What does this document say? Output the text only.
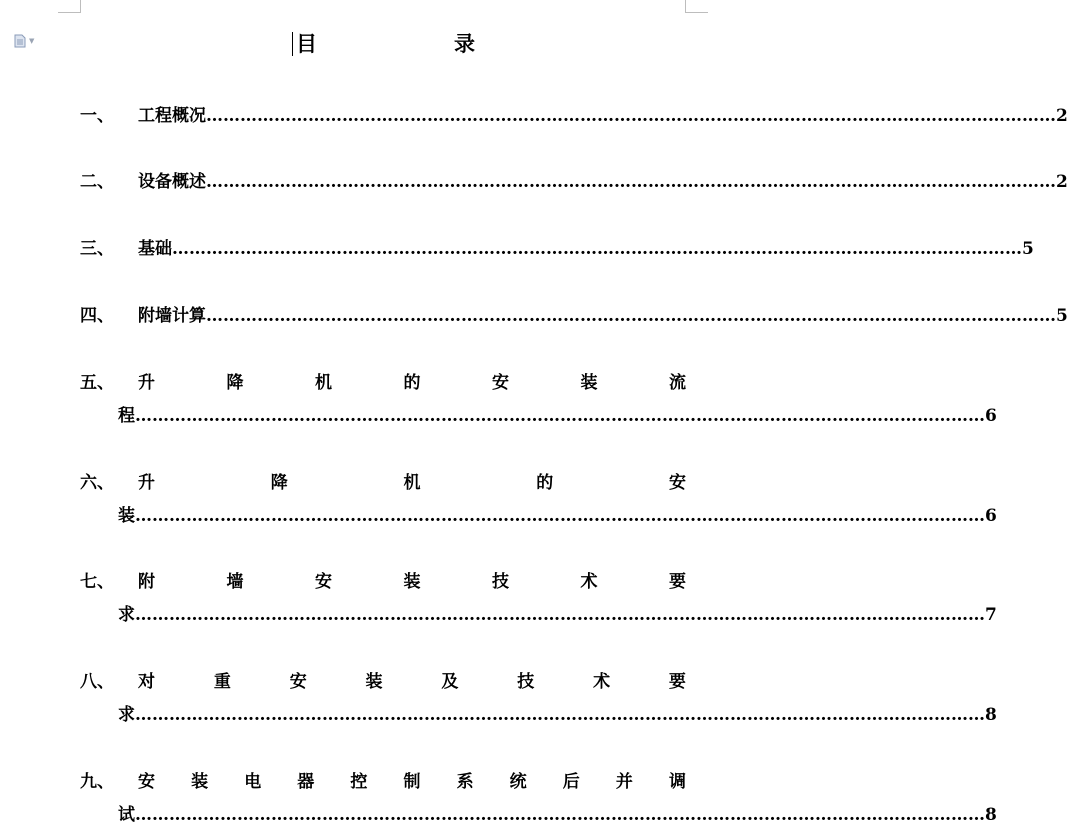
▼	目	录
一、 工程概况 …………………………………………………………………………………………………………………………………… 2
二、 设备概述 …………………………………………………………………………………………………………………………………… 2
三、 基础 …………………………………………………………………………………………………………………………………… 5
四、 附墙计算 …………………………………………………………………………………………………………………………………… 5
五、 升	降	机	的	安	装	流
程 …………………………………………………………………………………………………………………………………… 6
六、 升	降	机	的	安
装 …………………………………………………………………………………………………………………………………… 6
七、 附	墙	安	装	技	术	要
求 …………………………………………………………………………………………………………………………………… 7
八、 对	重	安	装	及	技	术	要
求 …………………………………………………………………………………………………………………………………… 8
九、 安 装 电 器 控 制 系 统 后 并 调
试 …………………………………………………………………………………………………………………………………… 8
